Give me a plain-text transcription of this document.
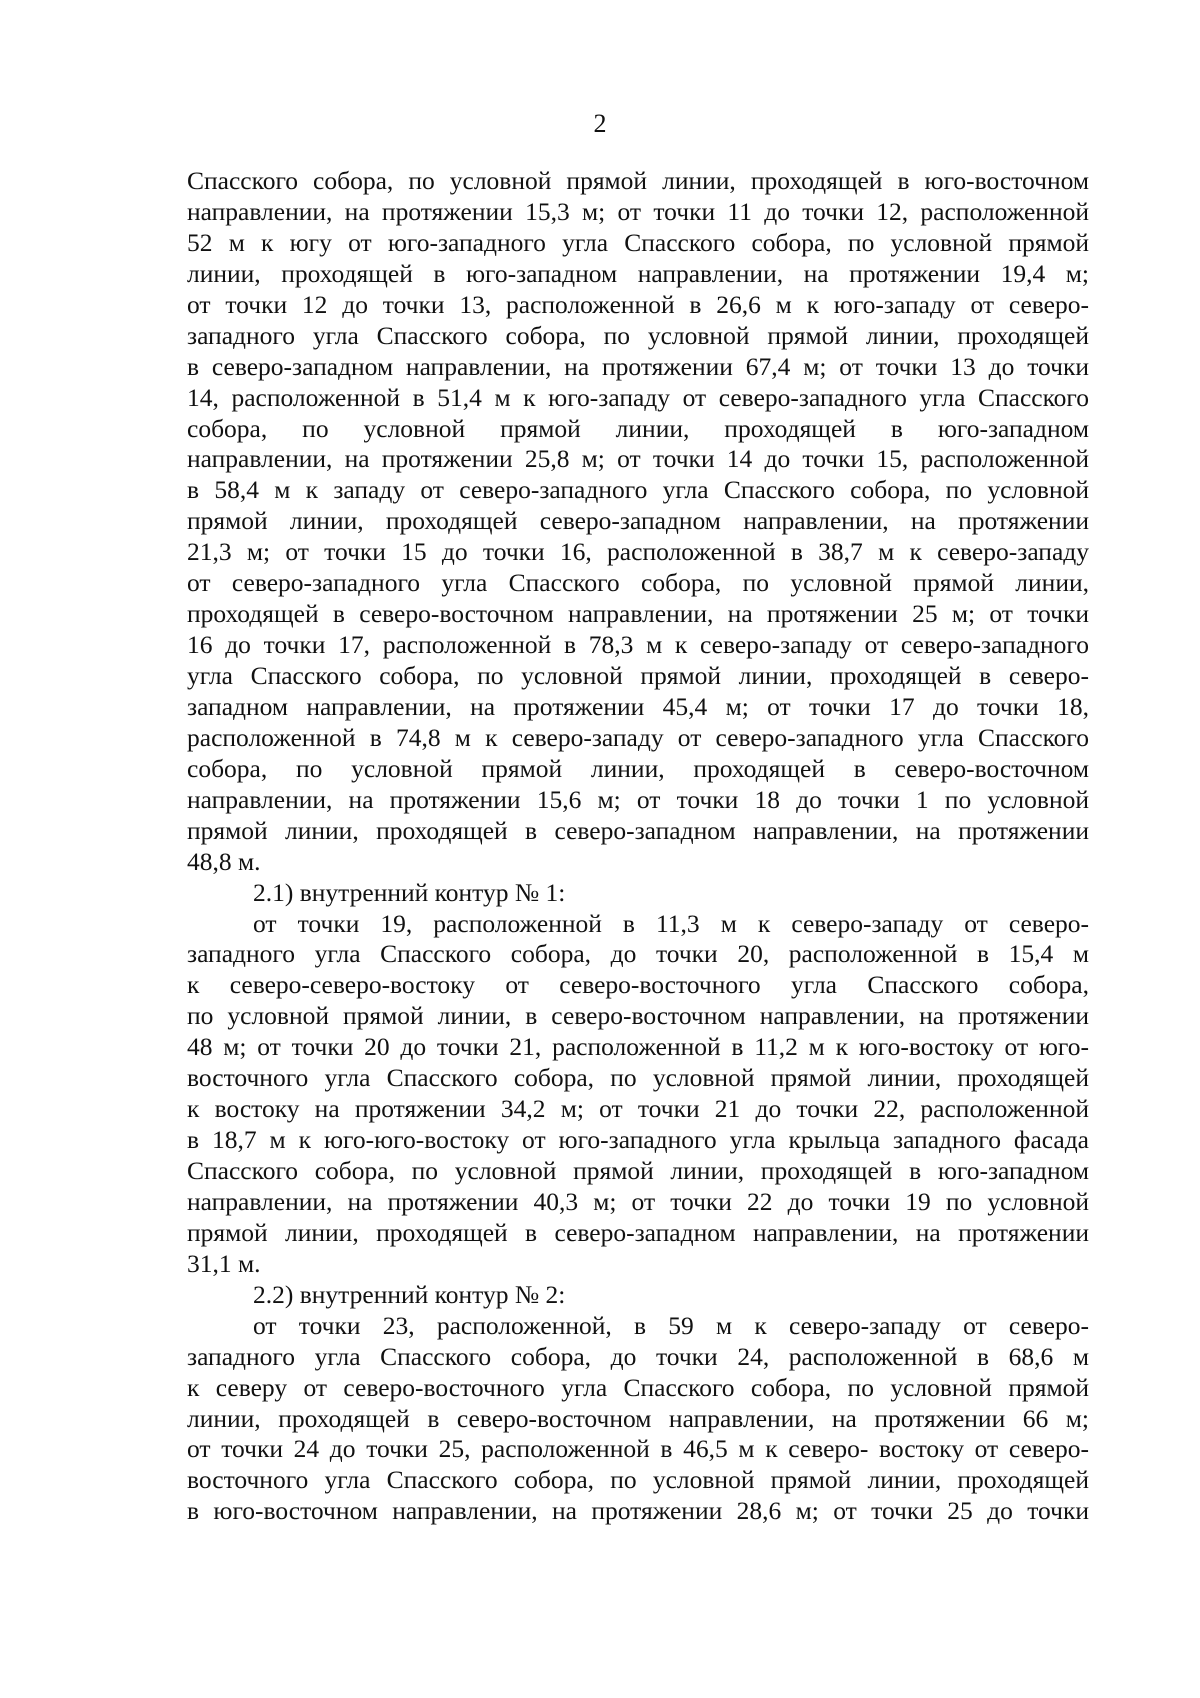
2
Спасского собора, по условной прямой линии, проходящей в юго-восточном
направлении, на протяжении 15,3 м; от точки 11 до точки 12, расположенной
52 м к югу от юго-западного угла Спасского собора, по условной прямой
линии, проходящей в юго-западном направлении, на протяжении 19,4 м;
от точки 12 до точки 13, расположенной в 26,6 м к юго-западу от северо-
западного угла Спасского собора, по условной прямой линии, проходящей
в северо-западном направлении, на протяжении 67,4 м; от точки 13 до точки
14, расположенной в 51,4 м к юго-западу от северо-западного угла Спасского
собора, по условной прямой линии, проходящей в юго-западном
направлении, на протяжении 25,8 м; от точки 14 до точки 15, расположенной
в 58,4 м к западу от северо-западного угла Спасского собора, по условной
прямой линии, проходящей северо-западном направлении, на протяжении
21,3 м; от точки 15 до точки 16, расположенной в 38,7 м к северо-западу
от северо-западного угла Спасского собора, по условной прямой линии,
проходящей в северо-восточном направлении, на протяжении 25 м; от точки
16 до точки 17, расположенной в 78,3 м к северо-западу от северо-западного
угла Спасского собора, по условной прямой линии, проходящей в северо-
западном направлении, на протяжении 45,4 м; от точки 17 до точки 18,
расположенной в 74,8 м к северо-западу от северо-западного угла Спасского
собора, по условной прямой линии, проходящей в северо-восточном
направлении, на протяжении 15,6 м; от точки 18 до точки 1 по условной
прямой линии, проходящей в северо-западном направлении, на протяжении
48,8 м.
2.1) внутренний контур № 1:
от точки 19, расположенной в 11,3 м к северо-западу от северо-
западного угла Спасского собора, до точки 20, расположенной в 15,4 м
к северо-северо-востоку от северо-восточного угла Спасского собора,
по условной прямой линии, в северо-восточном направлении, на протяжении
48 м; от точки 20 до точки 21, расположенной в 11,2 м к юго-востоку от юго-
восточного угла Спасского собора, по условной прямой линии, проходящей
к востоку на протяжении 34,2 м; от точки 21 до точки 22, расположенной
в 18,7 м к юго-юго-востоку от юго-западного угла крыльца западного фасада
Спасского собора, по условной прямой линии, проходящей в юго-западном
направлении, на протяжении 40,3 м; от точки 22 до точки 19 по условной
прямой линии, проходящей в северо-западном направлении, на протяжении
31,1 м.
2.2) внутренний контур № 2:
от точки 23, расположенной, в 59 м к северо-западу от северо-
западного угла Спасского собора, до точки 24, расположенной в 68,6 м
к северу от северо-восточного угла Спасского собора, по условной прямой
линии, проходящей в северо-восточном направлении, на протяжении 66 м;
от точки 24 до точки 25, расположенной в 46,5 м к северо- востоку от северо-
восточного угла Спасского собора, по условной прямой линии, проходящей
в юго-восточном направлении, на протяжении 28,6 м; от точки 25 до точки
